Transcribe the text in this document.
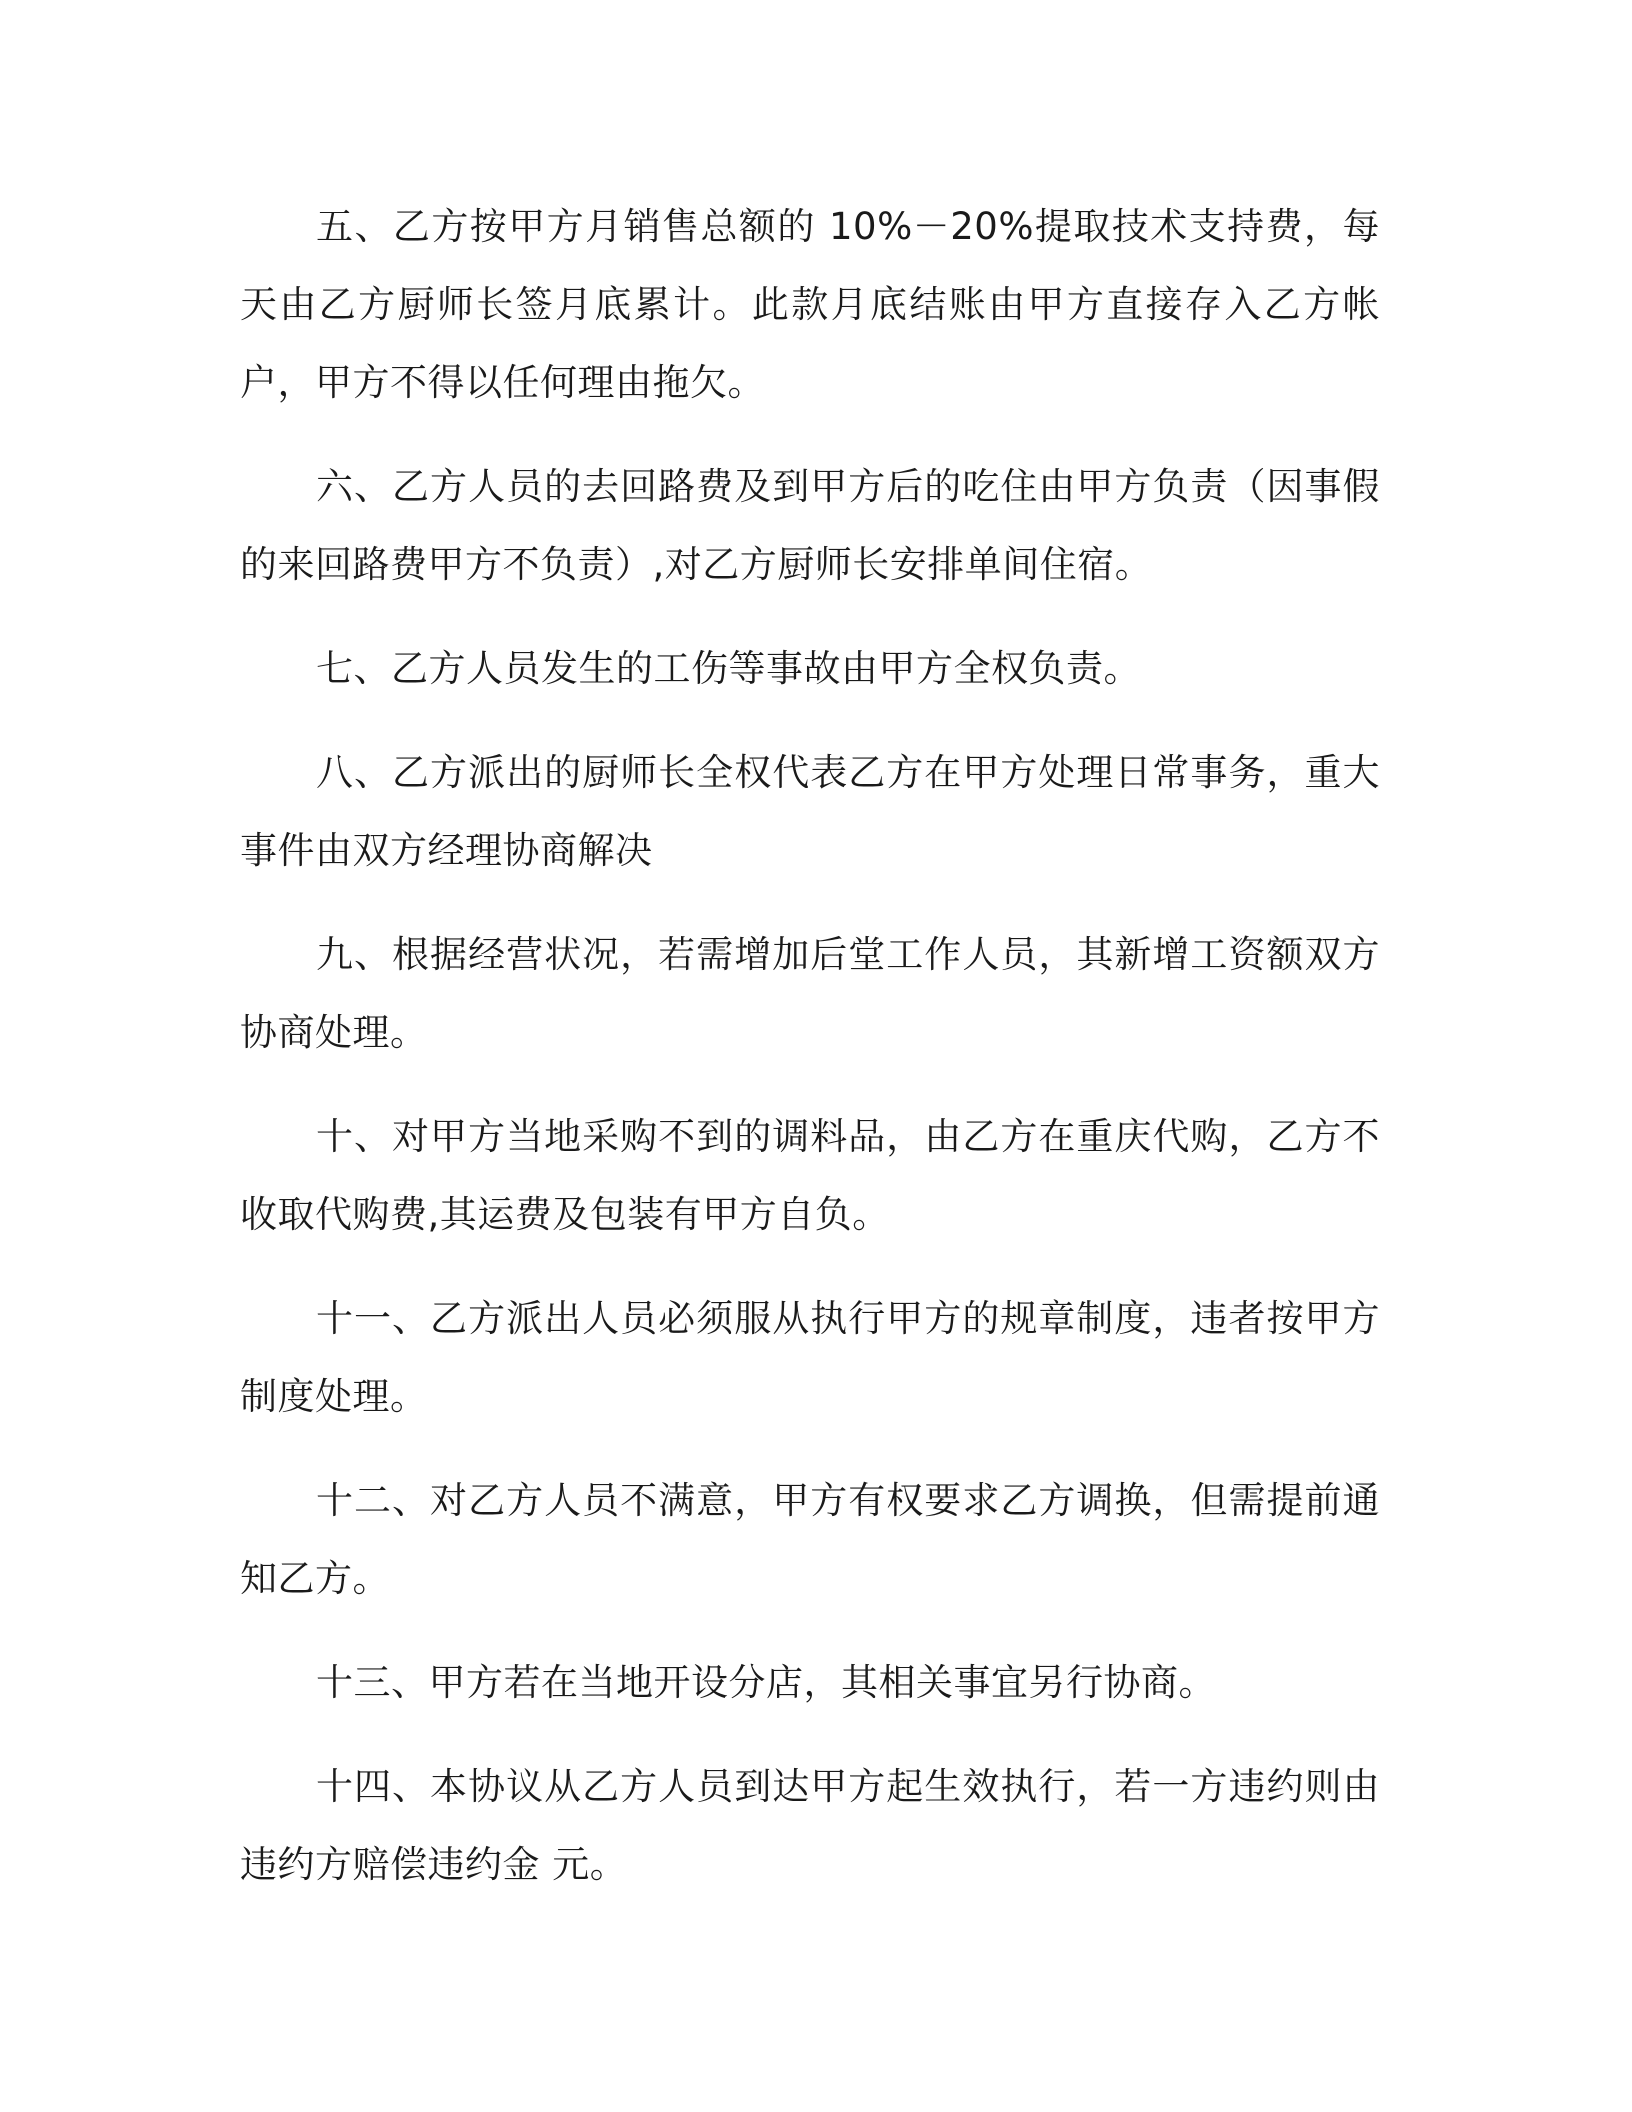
五、乙方按甲方月销售总额的 10%－20%提取技术支持费，每天由乙方厨师长签月底累计。此款月底结账由甲方直接存入乙方帐户，甲方不得以任何理由拖欠。

六、乙方人员的去回路费及到甲方后的吃住由甲方负责（因事假的来回路费甲方不负责）,对乙方厨师长安排单间住宿。

七、乙方人员发生的工伤等事故由甲方全权负责。

八、乙方派出的厨师长全权代表乙方在甲方处理日常事务，重大事件由双方经理协商解决

九、根据经营状况，若需增加后堂工作人员，其新增工资额双方协商处理。

十、对甲方当地采购不到的调料品，由乙方在重庆代购，乙方不收取代购费,其运费及包装有甲方自负。

十一、乙方派出人员必须服从执行甲方的规章制度，违者按甲方制度处理。

十二、对乙方人员不满意，甲方有权要求乙方调换，但需提前通知乙方。

十三、甲方若在当地开设分店，其相关事宜另行协商。

十四、本协议从乙方人员到达甲方起生效执行，若一方违约则由违约方赔偿违约金 元。
